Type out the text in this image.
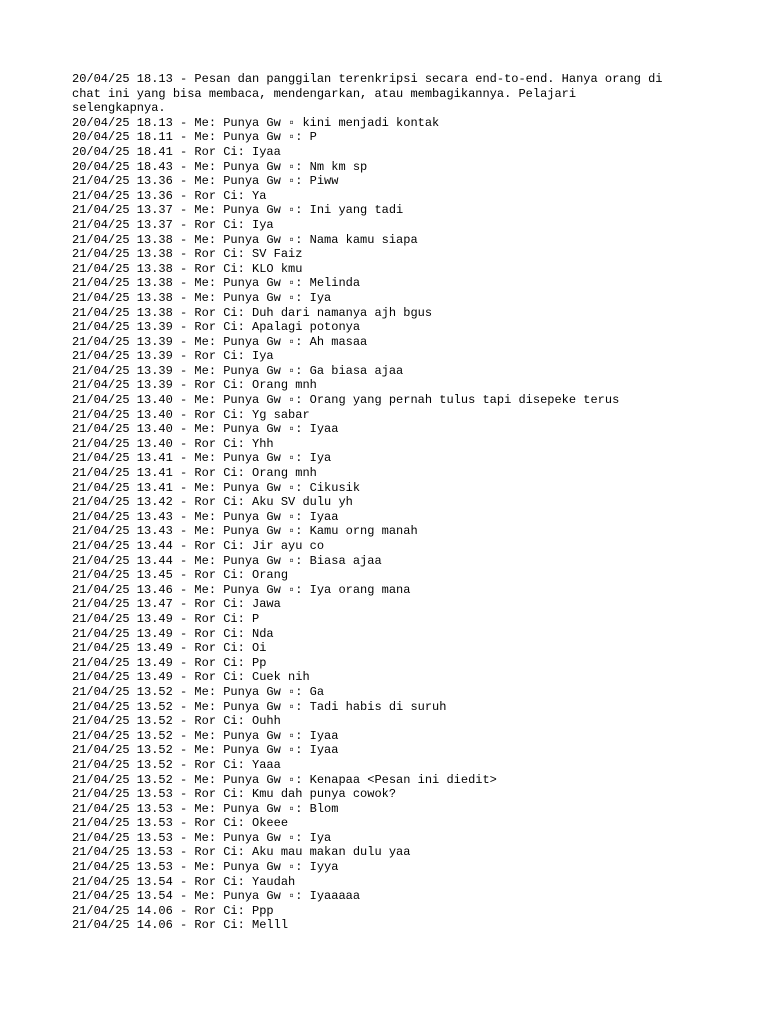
20/04/25 18.13 - Pesan dan panggilan terenkripsi secara end-to-end. Hanya orang di
chat ini yang bisa membaca, mendengarkan, atau membagikannya. Pelajari
selengkapnya.

20/04/25 18.13 - Me: Punya Gw ▫ kini menjadi kontak

20/04/25 18.11 - Me: Punya Gw ▫: P

20/04/25 18.41 - Ror Ci: Iyaa

20/04/25 18.43 - Me: Punya Gw ▫: Nm km sp

21/04/25 13.36 - Me: Punya Gw ▫: Piww

21/04/25 13.36 - Ror Ci: Ya

21/04/25 13.37 - Me: Punya Gw ▫: Ini yang tadi

21/04/25 13.37 - Ror Ci: Iya

21/04/25 13.38 - Me: Punya Gw ▫: Nama kamu siapa

21/04/25 13.38 - Ror Ci: SV Faiz

21/04/25 13.38 - Ror Ci: KLO kmu

21/04/25 13.38 - Me: Punya Gw ▫: Melinda

21/04/25 13.38 - Me: Punya Gw ▫: Iya

21/04/25 13.38 - Ror Ci: Duh dari namanya ajh bgus

21/04/25 13.39 - Ror Ci: Apalagi potonya

21/04/25 13.39 - Me: Punya Gw ▫: Ah masaa

21/04/25 13.39 - Ror Ci: Iya

21/04/25 13.39 - Me: Punya Gw ▫: Ga biasa ajaa

21/04/25 13.39 - Ror Ci: Orang mnh

21/04/25 13.40 - Me: Punya Gw ▫: Orang yang pernah tulus tapi disepeke terus

21/04/25 13.40 - Ror Ci: Yg sabar

21/04/25 13.40 - Me: Punya Gw ▫: Iyaa

21/04/25 13.40 - Ror Ci: Yhh

21/04/25 13.41 - Me: Punya Gw ▫: Iya

21/04/25 13.41 - Ror Ci: Orang mnh

21/04/25 13.41 - Me: Punya Gw ▫: Cikusik

21/04/25 13.42 - Ror Ci: Aku SV dulu yh

21/04/25 13.43 - Me: Punya Gw ▫: Iyaa

21/04/25 13.43 - Me: Punya Gw ▫: Kamu orng manah

21/04/25 13.44 - Ror Ci: Jir ayu co

21/04/25 13.44 - Me: Punya Gw ▫: Biasa ajaa

21/04/25 13.45 - Ror Ci: Orang

21/04/25 13.46 - Me: Punya Gw ▫: Iya orang mana

21/04/25 13.47 - Ror Ci: Jawa

21/04/25 13.49 - Ror Ci: P

21/04/25 13.49 - Ror Ci: Nda

21/04/25 13.49 - Ror Ci: Oi

21/04/25 13.49 - Ror Ci: Pp

21/04/25 13.49 - Ror Ci: Cuek nih

21/04/25 13.52 - Me: Punya Gw ▫: Ga

21/04/25 13.52 - Me: Punya Gw ▫: Tadi habis di suruh

21/04/25 13.52 - Ror Ci: Ouhh

21/04/25 13.52 - Me: Punya Gw ▫: Iyaa

21/04/25 13.52 - Me: Punya Gw ▫: Iyaa

21/04/25 13.52 - Ror Ci: Yaaa

21/04/25 13.52 - Me: Punya Gw ▫: Kenapaa <Pesan ini diedit>

21/04/25 13.53 - Ror Ci: Kmu dah punya cowok?

21/04/25 13.53 - Me: Punya Gw ▫: Blom

21/04/25 13.53 - Ror Ci: Okeee

21/04/25 13.53 - Me: Punya Gw ▫: Iya

21/04/25 13.53 - Ror Ci: Aku mau makan dulu yaa

21/04/25 13.53 - Me: Punya Gw ▫: Iyya

21/04/25 13.54 - Ror Ci: Yaudah

21/04/25 13.54 - Me: Punya Gw ▫: Iyaaaaa

21/04/25 14.06 - Ror Ci: Ppp

21/04/25 14.06 - Ror Ci: Melll
